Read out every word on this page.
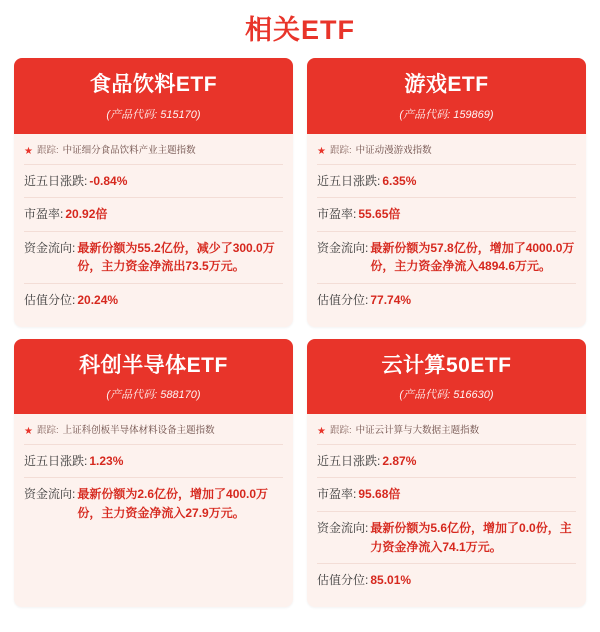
相关ETF
食品饮料ETF
(产品代码: 515170)
★ 跟踪: 中证细分食品饮料产业主题指数
近五日涨跌: -0.84%
市盈率: 20.92倍
资金流向: 最新份额为55.2亿份，减少了300.0万份，主力资金净流出73.5万元。
估值分位: 20.24%
游戏ETF
(产品代码: 159869)
★ 跟踪: 中证动漫游戏指数
近五日涨跌: 6.35%
市盈率: 55.65倍
资金流向: 最新份额为57.8亿份，增加了4000.0万份，主力资金净流入4894.6万元。
估值分位: 77.74%
科创半导体ETF
(产品代码: 588170)
★ 跟踪: 上证科创板半导体材料设备主题指数
近五日涨跌: 1.23%
资金流向: 最新份额为2.6亿份，增加了400.0万份，主力资金净流入27.9万元。
云计算50ETF
(产品代码: 516630)
★ 跟踪: 中证云计算与大数据主题指数
近五日涨跌: 2.87%
市盈率: 95.68倍
资金流向: 最新份额为5.6亿份，增加了0.0份，主力资金净流入74.1万元。
估值分位: 85.01%
